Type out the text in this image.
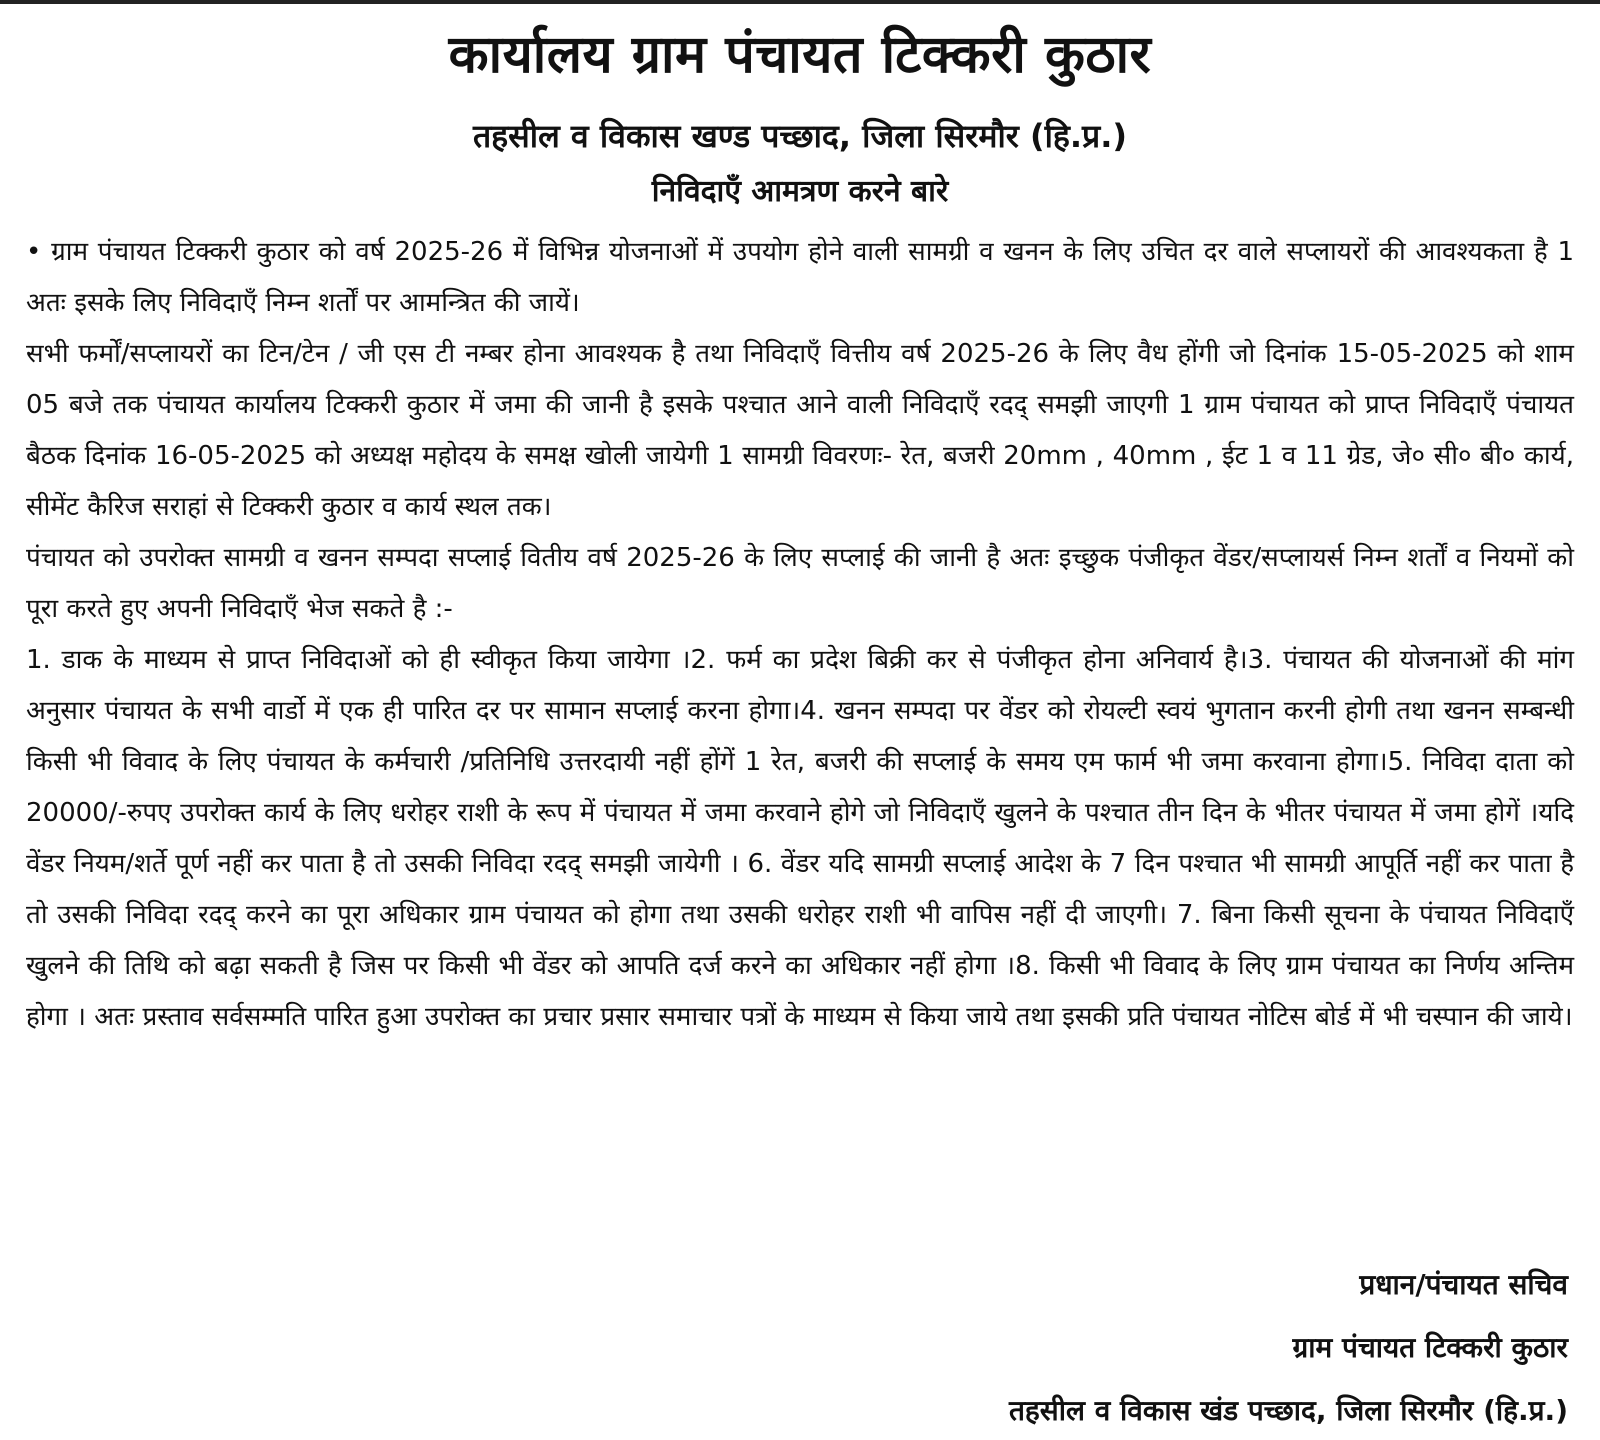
कार्यालय ग्राम पंचायत टिक्करी कुठार
तहसील व विकास खण्ड पच्छाद, जिला सिरमौर (हि.प्र.)
निविदाएँ आमत्रण करने बारे

• ग्राम पंचायत टिक्करी कुठार को वर्ष 2025-26 में विभिन्न योजनाओं में उपयोग होने वाली सामग्री व खनन के लिए उचित दर वाले सप्लायरों की आवश्यकता है 1 अतः इसके लिए निविदाएँ निम्न शर्तों पर आमन्त्रित की जायें।

सभी फर्मों/सप्लायरों का टिन/टेन / जी एस टी नम्बर होना आवश्यक है तथा निविदाएँ वित्तीय वर्ष 2025-26 के लिए वैध होंगी जो दिनांक 15-05-2025 को शाम 05 बजे तक पंचायत कार्यालय टिक्करी कुठार में जमा की जानी है इसके पश्चात आने वाली निविदाएँ रदद् समझी जाएगी 1 ग्राम पंचायत को प्राप्त निविदाएँ पंचायत बैठक दिनांक 16-05-2025 को अध्यक्ष महोदय के समक्ष खोली जायेगी 1 सामग्री विवरणः- रेत, बजरी 20mm , 40mm , ईट 1 व 11 ग्रेड, जे० सी० बी० कार्य, सीमेंट कैरिज सराहां से टिक्करी कुठार व कार्य स्थल तक।

पंचायत को उपरोक्त सामग्री व खनन सम्पदा सप्लाई वितीय वर्ष 2025-26 के लिए सप्लाई की जानी है अतः इच्छुक पंजीकृत वेंडर/सप्लायर्स निम्न शर्तों व नियमों को पूरा करते हुए अपनी निविदाएँ भेज सकते है :-

1. डाक के माध्यम से प्राप्त निविदाओं को ही स्वीकृत किया जायेगा ।2. फर्म का प्रदेश बिक्री कर से पंजीकृत होना अनिवार्य है।3. पंचायत की योजनाओं की मांग अनुसार पंचायत के सभी वार्डो में एक ही पारित दर पर सामान सप्लाई करना होगा।4. खनन सम्पदा पर वेंडर को रोयल्टी स्वयं भुगतान करनी होगी तथा खनन सम्बन्धी किसी भी विवाद के लिए पंचायत के कर्मचारी /प्रतिनिधि उत्तरदायी नहीं होंगें 1 रेत, बजरी की सप्लाई के समय एम फार्म भी जमा करवाना होगा।5. निविदा दाता को 20000/-रुपए उपरोक्त कार्य के लिए धरोहर राशी के रूप में पंचायत में जमा करवाने होगे जो निविदाएँ खुलने के पश्चात तीन दिन के भीतर पंचायत में जमा होगें ।यदि वेंडर नियम/शर्ते पूर्ण नहीं कर पाता है तो उसकी निविदा रदद् समझी जायेगी । 6. वेंडर यदि सामग्री सप्लाई आदेश के 7 दिन पश्चात भी सामग्री आपूर्ति नहीं कर पाता है तो उसकी निविदा रदद् करने का पूरा अधिकार ग्राम पंचायत को होगा तथा उसकी धरोहर राशी भी वापिस नहीं दी जाएगी। 7. बिना किसी सूचना के पंचायत निविदाएँ खुलने की तिथि को बढ़ा सकती है जिस पर किसी भी वेंडर को आपति दर्ज करने का अधिकार नहीं होगा ।8. किसी भी विवाद के लिए ग्राम पंचायत का निर्णय अन्तिम होगा । अतः प्रस्ताव सर्वसम्मति पारित हुआ उपरोक्त का प्रचार प्रसार समाचार पत्रों के माध्यम से किया जाये तथा इसकी प्रति पंचायत नोटिस बोर्ड में भी चस्पान की जाये।

प्रधान/पंचायत सचिव
ग्राम पंचायत टिक्करी कुठार
तहसील व विकास खंड पच्छाद, जिला सिरमौर (हि.प्र.)
